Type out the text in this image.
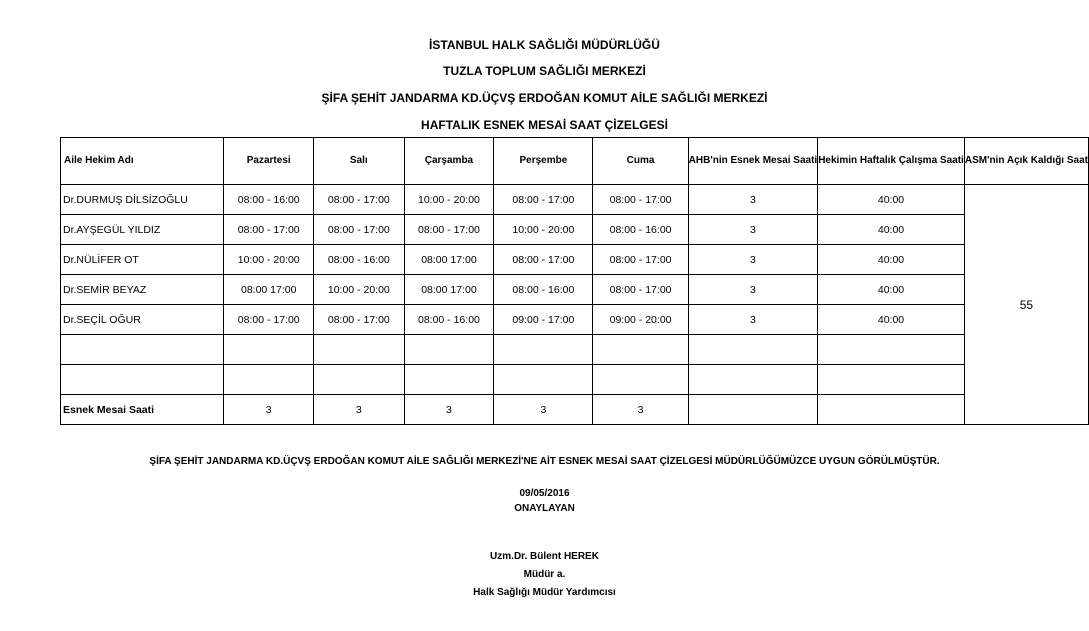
İSTANBUL HALK SAĞLIĞI MÜDÜRLÜĞÜ
TUZLA TOPLUM SAĞLIĞI MERKEZİ
ŞİFA ŞEHİT JANDARMA KD.ÜÇVŞ ERDOĞAN KOMUT AİLE SAĞLIĞI MERKEZİ
HAFTALIK ESNEK MESAİ SAAT ÇİZELGESİ
Aile Hekim Adı	Pazartesi	Salı	Çarşamba	Perşembe	Cuma	AHB'nin Esnek Mesai Saati	Hekimin Haftalık Çalışma Saati	ASM'nin Açık Kaldığı Saat
Dr.DURMUŞ DİLSİZOĞLU	08:00 - 16:00	08:00 - 17:00	10:00 - 20:00	08:00 - 17:00	08:00 - 17:00	3	40:00	55
Dr.AYŞEGÜL YILDIZ	08:00 - 17:00	08:00 - 17:00	08:00 - 17:00	10:00 - 20:00	08:00 - 16:00	3	40:00	
Dr.NÜLİFER OT	10:00 - 20:00	08:00 - 16:00	08:00 17:00	08:00 - 17:00	08:00 - 17:00	3	40:00	
Dr.SEMİR BEYAZ	08:00 17:00	10:00 - 20:00	08:00 17:00	08:00 - 16:00	08:00 - 17:00	3	40:00	
Dr.SEÇİL OĞUR	08:00 - 17:00	08:00 - 17:00	08:00 - 16:00	09:00 - 17:00	09:00 - 20:00	3	40:00	

Esnek Mesai Saati	3	3	3	3	3			
ŞİFA ŞEHİT JANDARMA KD.ÜÇVŞ ERDOĞAN KOMUT AİLE SAĞLIĞI MERKEZİ'NE AİT ESNEK MESAİ SAAT ÇİZELGESİ MÜDÜRLÜĞÜMÜZCE UYGUN GÖRÜLMÜŞTÜR.
09/05/2016
ONAYLAYAN
Uzm.Dr. Bülent HEREK
Müdür a.
Halk Sağlığı Müdür Yardımcısı
